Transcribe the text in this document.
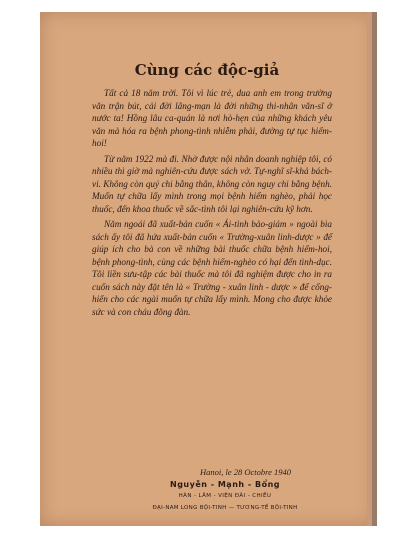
Cùng các độc-giả

Tất cả 18 năm trời. Tôi vì lúc trẻ, dua anh em trong trường văn trận bút, cải đời lãng-mạn là đời những thi-nhân văn-sĩ ở nước ta! Hồng lâu ca-quán là nơi hò-hẹn của những khách yêu văn mà hóa ra bệnh phong-tình nhiễm phải, đường tự tục hiểm-hoi!

Từ năm 1922 mà đi. Nhờ được nội nhân doanh nghiệp tôi, có nhiều thì giờ mà nghiên-cứu được sách vở. Tự-nghĩ sĩ-khả bách-vi. Không còn quý chi bằng thân, không còn nguy chi bằng bệnh. Muốn tự chữa lấy mình trong mọi bệnh hiểm nghèo, phải học thuốc, đến khoa thuốc về sắc-tình tôi lại nghiên-cứu kỹ hơn.

Năm ngoái đã xuất-bản cuốn « Ái-tình bảo-giám » ngoài bìa sách ấy tôi đã hứa xuất-bản cuốn « Trường-xuân linh-dược » để giúp ích cho bà con về những bài thuốc chữa bệnh hiểm-hoi, bệnh phong-tình, cùng các bệnh hiểm-nghèo có hại đến tình-dục. Tôi liền sưu-tập các bài thuốc mà tôi đã nghiệm được cho in ra cuốn sách này đặt tên là « Trường - xuân linh - dược » để cống-hiến cho các ngài muốn tự chữa lấy mình. Mong cho được khỏe sức và con cháu đông đàn.

Hanoi, le 28 Octobre 1940
Nguyễn - Mạnh - Bổng
HÀN - LÂM - VIỆN ĐÃI - CHIẾU
ĐẠI-NAM LONG BỘI-TINH — TƯƠNG-TẾ BỘI-TINH
